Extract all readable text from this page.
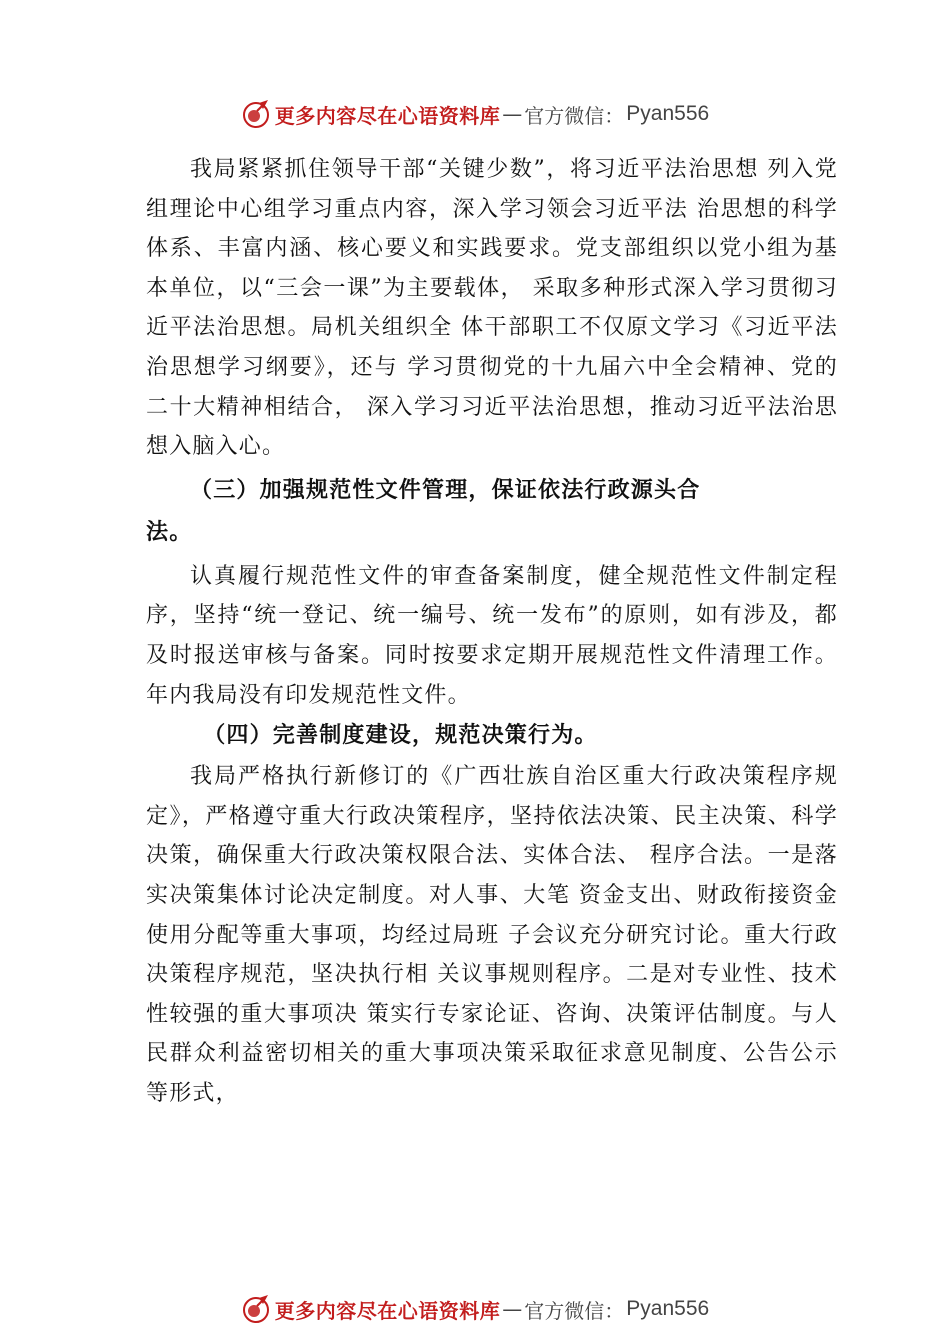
更多内容尽在心语资料库 — 官方微信： Pyan556

我局紧紧抓住领导干部“关键少数”，将习近平法治思想 列入党组理论中心组学习重点内容，深入学习领会习近平法 治思想的科学体系、丰富内涵、核心要义和实践要求。党支部组织以党小组为基本单位，以“三会一课”为主要载体， 采取多种形式深入学习贯彻习近平法治思想。局机关组织全 体干部职工不仅原文学习《习近平法治思想学习纲要》，还与 学习贯彻党的十九届六中全会精神、党的二十大精神相结合， 深入学习习近平法治思想，推动习近平法治思想入脑入心。

（三）加强规范性文件管理，保证依法行政源头合
法。

认真履行规范性文件的审查备案制度，健全规范性文件制定程序，坚持“统一登记、统一编号、统一发布”的原则，如有涉及，都及时报送审核与备案。同时按要求定期开展规范性文件清理工作。年内我局没有印发规范性文件。

（四）完善制度建设，规范决策行为。

我局严格执行新修订的《广西壮族自治区重大行政决策程序规定》，严格遵守重大行政决策程序，坚持依法决策、民主决策、科学决策，确保重大行政决策权限合法、实体合法、 程序合法。一是落实决策集体讨论决定制度。对人事、大笔 资金支出、财政衔接资金使用分配等重大事项，均经过局班 子会议充分研究讨论。重大行政决策程序规范，坚决执行相 关议事规则程序。二是对专业性、技术性较强的重大事项决 策实行专家论证、咨询、决策评估制度。与人民群众利益密切相关的重大事项决策采取征求意见制度、公告公示等形式，

更多内容尽在心语资料库 — 官方微信： Pyan556
